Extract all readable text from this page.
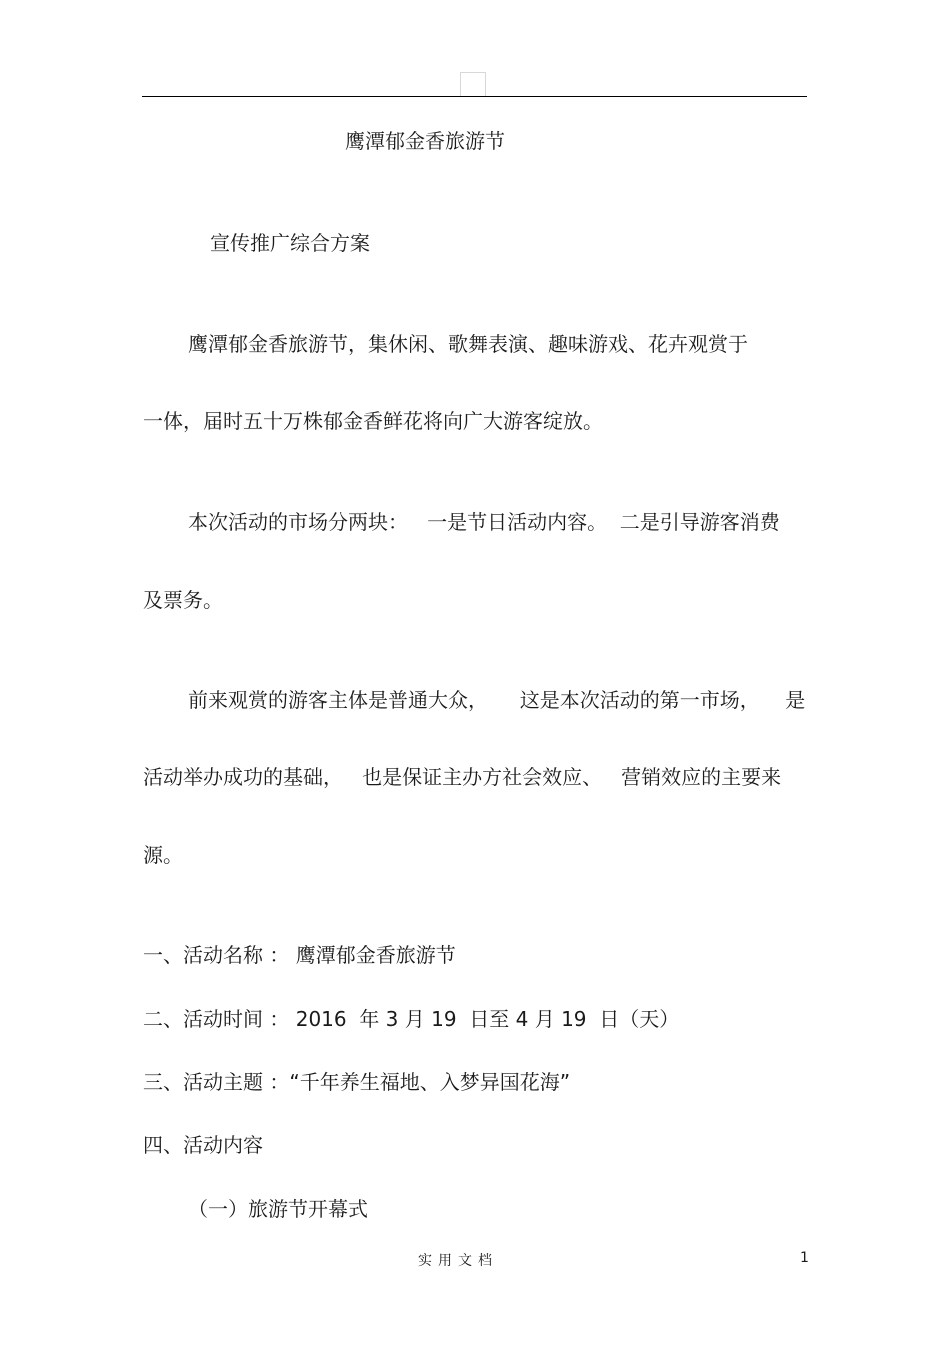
鹰潭郁金香旅游节
宣传推广综合方案
鹰潭郁金香旅游节，集休闲、歌舞表演、趣味游戏、花卉观赏于
一体，届时五十万株郁金香鲜花将向广大游客绽放。
本次活动的市场分两块：   一是节日活动内容。  二是引导游客消费
及票务。
前来观赏的游客主体是普通大众，     这是本次活动的第一市场，    是
活动举办成功的基础，   也是保证主办方社会效应、   营销效应的主要来
源。
一、活动名称 ： 鹰潭郁金香旅游节
二、活动时间 ： 2016  年 3 月 19  日至 4 月 19  日（天）
三、活动主题 ：“千年养生福地、入梦异国花海”
四、活动内容
（一）旅游节开幕式
实用文档	1
